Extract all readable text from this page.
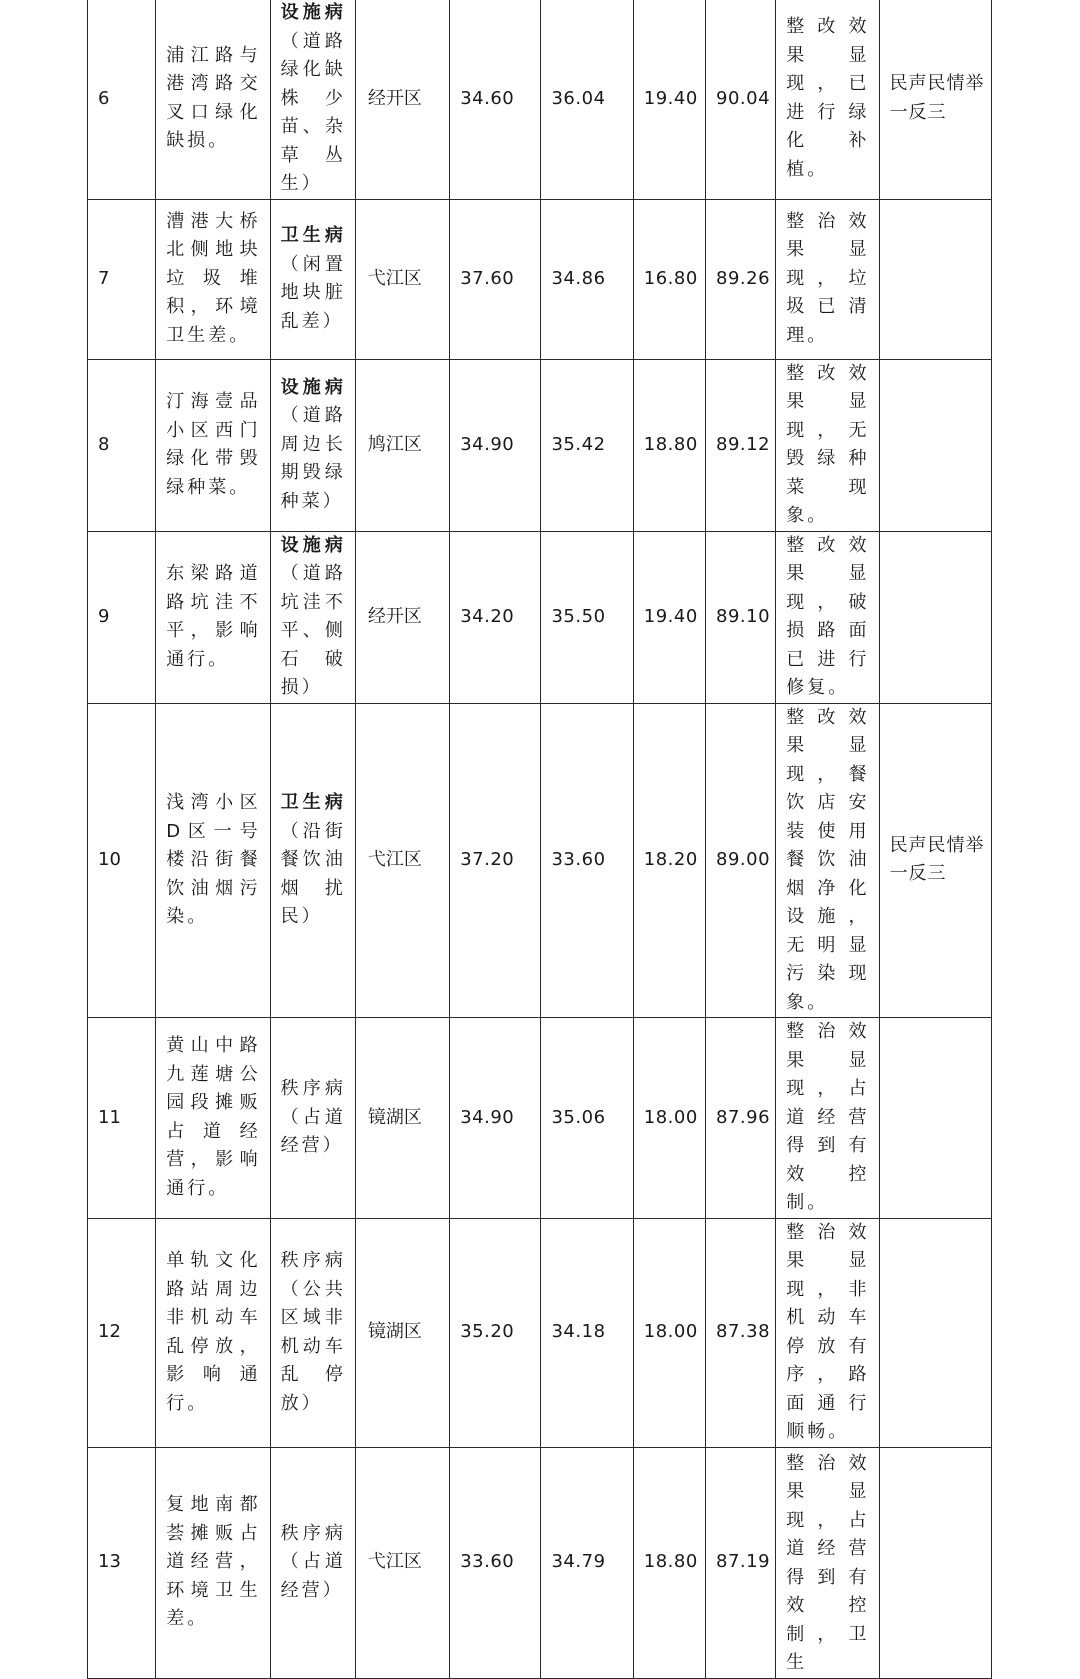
6	浦江路与港湾路交叉口绿化缺损。	设施病（道路绿化缺株少苗、杂草丛生）	经开区	34.60	36.04	19.40	90.04	整改效果显现，已进行绿化补植。	民声民情举一反三
7	漕港大桥北侧地块垃圾堆积，环境卫生差。	卫生病（闲置地块脏乱差）	弋江区	37.60	34.86	16.80	89.26	整治效果显现，垃圾已清理。	
8	汀海壹品小区西门绿化带毁绿种菜。	设施病（道路周边长期毁绿种菜）	鸠江区	34.90	35.42	18.80	89.12	整改效果显现，无毁绿种菜现象。	
9	东梁路道路坑洼不平，影响通行。	设施病（道路坑洼不平、侧石破损）	经开区	34.20	35.50	19.40	89.10	整改效果显现，破损路面已进行修复。	
10	浅湾小区D区一号楼沿街餐饮油烟污染。	卫生病（沿街餐饮油烟扰民）	弋江区	37.20	33.60	18.20	89.00	整改效果显现，餐饮店安装使用餐饮油烟净化设施，无明显污染现象。	民声民情举一反三
11	黄山中路九莲塘公园段摊贩占道经营，影响通行。	秩序病（占道经营）	镜湖区	34.90	35.06	18.00	87.96	整治效果显现，占道经营得到有效控制。	
12	单轨文化路站周边非机动车乱停放，影响通行。	秩序病（公共区域非机动车乱停放）	镜湖区	35.20	34.18	18.00	87.38	整治效果显现，非机动车停放有序，路面通行顺畅。	
13	复地南都荟摊贩占道经营，环境卫生差。	秩序病（占道经营）	弋江区	33.60	34.79	18.80	87.19	整治效果显现，占道经营得到有效控制，卫生	
